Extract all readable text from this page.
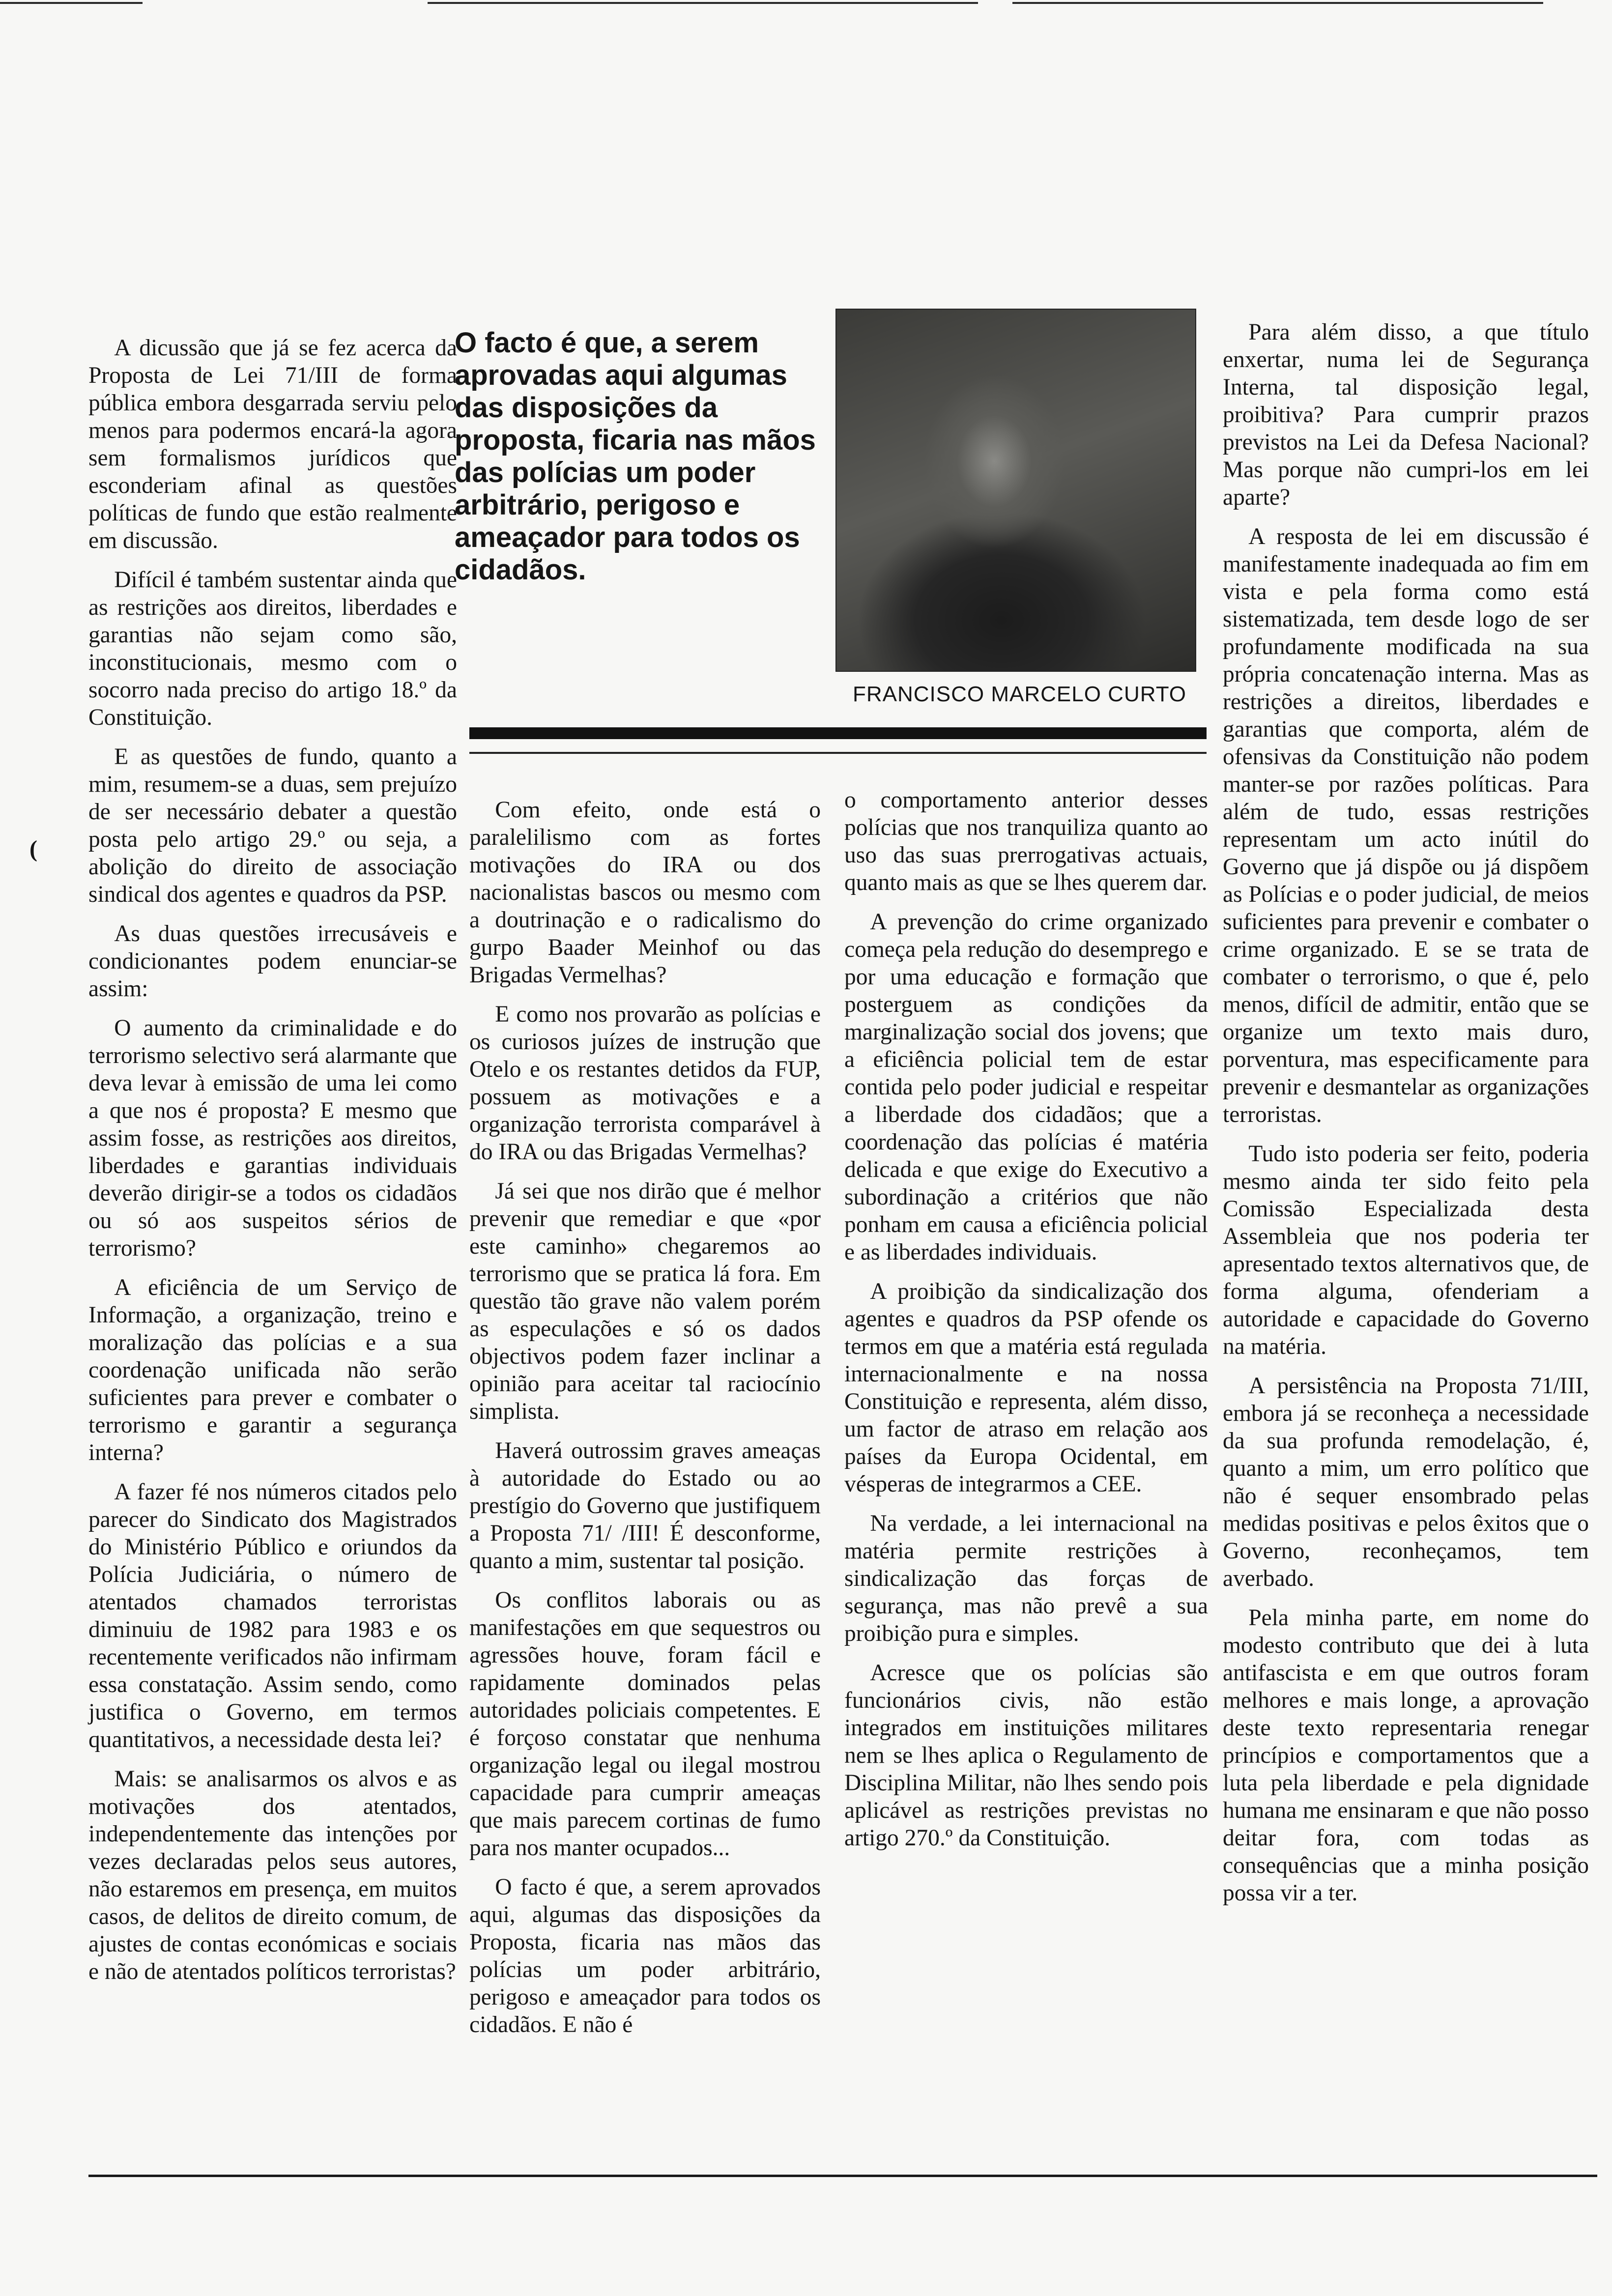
(

A dicussão que já se fez acerca da Proposta de Lei 71/III de forma pública embora desgarrada serviu pelo menos para podermos encará-la agora sem formalismos jurídicos que esconderiam afinal as questões políticas de fundo que estão realmente em discussão.

Difícil é também sustentar ainda que as restrições aos direitos, liberdades e garantias não sejam como são, inconstitucionais, mesmo com o socorro nada preciso do artigo 18.º da Constituição.

E as questões de fundo, quanto a mim, resumem-se a duas, sem prejuízo de ser necessário debater a questão posta pelo artigo 29.º ou seja, a abolição do direito de associação sindical dos agentes e quadros da PSP.

As duas questões irrecusáveis e condicionantes podem enunciar-se assim:

O aumento da criminalidade e do terrorismo selectivo será alarmante que deva levar à emissão de uma lei como a que nos é proposta? E mesmo que assim fosse, as restrições aos direitos, liberdades e garantias individuais deverão dirigir-se a todos os cidadãos ou só aos suspeitos sérios de terrorismo?

A eficiência de um Serviço de Informação, a organização, treino e moralização das polícias e a sua coordenação unificada não serão suficientes para prever e combater o terrorismo e garantir a segurança interna?

A fazer fé nos números citados pelo parecer do Sindicato dos Magistrados do Ministério Público e oriundos da Polícia Judiciária, o número de atentados chamados terroristas diminuiu de 1982 para 1983 e os recentemente verificados não infirmam essa constatação. Assim sendo, como justifica o Governo, em termos quantitativos, a necessidade desta lei?

Mais: se analisarmos os alvos e as motivações dos atentados, independentemente das intenções por vezes declaradas pelos seus autores, não estaremos em presença, em muitos casos, de delitos de direito comum, de ajustes de contas económicas e sociais e não de atentados políticos terroristas?

O facto é que, a serem aprovadas aqui algumas das disposições da proposta, ficaria nas mãos das polícias um poder arbitrário, perigoso e ameaçador para todos os cidadãos.

FRANCISCO MARCELO CURTO

Com efeito, onde está o paralelilismo com as fortes motivações do IRA ou dos nacionalistas bascos ou mesmo com a doutrinação e o radicalismo do gurpo Baader Meinhof ou das Brigadas Vermelhas?

E como nos provarão as polícias e os curiosos juízes de instrução que Otelo e os restantes detidos da FUP, possuem as motivações e a organização terrorista comparável à do IRA ou das Brigadas Vermelhas?

Já sei que nos dirão que é melhor prevenir que remediar e que «por este caminho» chegaremos ao terrorismo que se pratica lá fora. Em questão tão grave não valem porém as especulações e só os dados objectivos podem fazer inclinar a opinião para aceitar tal raciocínio simplista.

Haverá outrossim graves ameaças à autoridade do Estado ou ao prestígio do Governo que justifiquem a Proposta 71/ /III! É desconforme, quanto a mim, sustentar tal posição.

Os conflitos laborais ou as manifestações em que sequestros ou agressões houve, foram fácil e rapidamente dominados pelas autoridades policiais competentes. E é forçoso constatar que nenhuma organização legal ou ilegal mostrou capacidade para cumprir ameaças que mais parecem cortinas de fumo para nos manter ocupados...

O facto é que, a serem aprovados aqui, algumas das disposições da Proposta, ficaria nas mãos das polícias um poder arbitrário, perigoso e ameaçador para todos os cidadãos. E não é

o comportamento anterior desses polícias que nos tranquiliza quanto ao uso das suas prerrogativas actuais, quanto mais as que se lhes querem dar.

A prevenção do crime organizado começa pela redução do desemprego e por uma educação e formação que posterguem as condições da marginalização social dos jovens; que a eficiência policial tem de estar contida pelo poder judicial e respeitar a liberdade dos cidadãos; que a coordenação das polícias é matéria delicada e que exige do Executivo a subordinação a critérios que não ponham em causa a eficiência policial e as liberdades individuais.

A proibição da sindicalização dos agentes e quadros da PSP ofende os termos em que a matéria está regulada internacionalmente e na nossa Constituição e representa, além disso, um factor de atraso em relação aos países da Europa Ocidental, em vésperas de integrarmos a CEE.

Na verdade, a lei internacional na matéria permite restrições à sindicalização das forças de segurança, mas não prevê a sua proibição pura e simples.

Acresce que os polícias são funcionários civis, não estão integrados em instituições militares nem se lhes aplica o Regulamento de Disciplina Militar, não lhes sendo pois aplicável as restrições previstas no artigo 270.º da Constituição.

Para além disso, a que título enxertar, numa lei de Segurança Interna, tal disposição legal, proibitiva? Para cumprir prazos previstos na Lei da Defesa Nacional? Mas porque não cumpri-los em lei aparte?

A resposta de lei em discussão é manifestamente inadequada ao fim em vista e pela forma como está sistematizada, tem desde logo de ser profundamente modificada na sua própria concatenação interna. Mas as restrições a direitos, liberdades e garantias que comporta, além de ofensivas da Constituição não podem manter-se por razões políticas. Para além de tudo, essas restrições representam um acto inútil do Governo que já dispõe ou já dispõem as Polícias e o poder judicial, de meios suficientes para prevenir e combater o crime organizado. E se se trata de combater o terrorismo, o que é, pelo menos, difícil de admitir, então que se organize um texto mais duro, porventura, mas especificamente para prevenir e desmantelar as organizações terroristas.

Tudo isto poderia ser feito, poderia mesmo ainda ter sido feito pela Comissão Especializada desta Assembleia que nos poderia ter apresentado textos alternativos que, de forma alguma, ofenderiam a autoridade e capacidade do Governo na matéria.

A persistência na Proposta 71/III, embora já se reconheça a necessidade da sua profunda remodelação, é, quanto a mim, um erro político que não é sequer ensombrado pelas medidas positivas e pelos êxitos que o Governo, reconheçamos, tem averbado.

Pela minha parte, em nome do modesto contributo que dei à luta antifascista e em que outros foram melhores e mais longe, a aprovação deste texto representaria renegar princípios e comportamentos que a luta pela liberdade e pela dignidade humana me ensinaram e que não posso deitar fora, com todas as consequências que a minha posição possa vir a ter.
